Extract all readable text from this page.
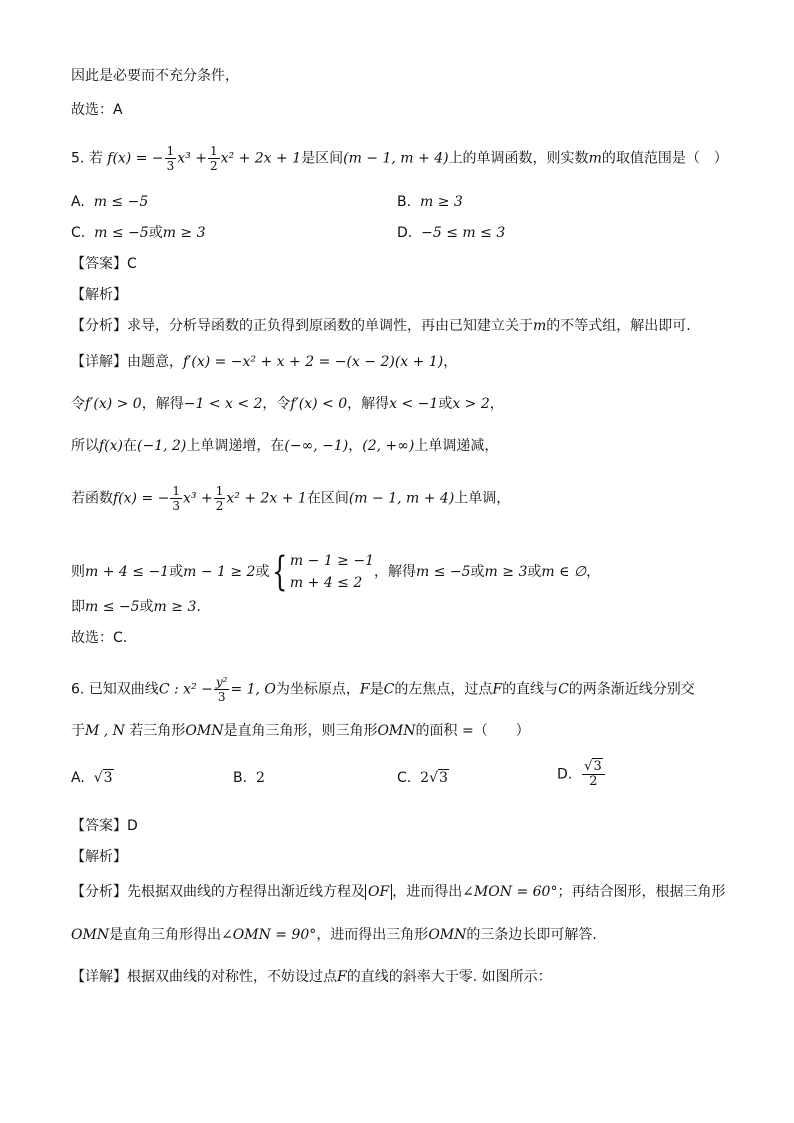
因此是必要而不充分条件，
故选：A
5. 若 f(x) = − $\frac{1}{3} x^3 + \frac{1}{2} x^2 + 2x + 1$是区间(m − 1, m + 4)上的单调函数，则实数m的取值范围是（　）
A. m ≤ −5	B. m ≥ 3
C. m ≤ −5或m ≥ 3	D. −5 ≤ m ≤ 3
【答案】C
【解析】
【分析】求导，分析导函数的正负得到原函数的单调性，再由已知建立关于m的不等式组，解出即可.
【详解】由题意，f′(x) = −x² + x + 2 = −(x − 2)(x + 1)，
令f′(x) > 0，解得−1 < x < 2，令f′(x) < 0，解得x < −1或x > 2，
所以f(x)在(−1, 2)上单调递增，在(−∞, −1)，(2, +∞)上单调递减，
若函数f(x) = − $\frac{1}{3} x^3 + \frac{1}{2} x^2 + 2x + 1$在区间(m − 1, m + 4)上单调，
则m + 4 ≤ −1或m − 1 ≥ 2或{ m − 1 ≥ −1
m + 4 ≤ 2
，解得m ≤ −5或m ≥ 3或m ∈ ∅，
即m ≤ −5或m ≥ 3.
故选：C.
6. 已知双曲线C : $x^2 - \frac{\text{y²}}{3} = 1$, O为坐标原点，F是C的左焦点，过点F的直线与C的两条渐近线分别交
于M , N 若三角形OMN是直角三角形，则三角形OMN的面积 =（　　）
A. √3	B. 2	C. 2√3	D. $\frac{√3}{2}$
【答案】D
【解析】
【分析】先根据双曲线的方程得出渐近线方程及 OF ，进而得出∠MON = 60°；再结合图形，根据三角形
OMN是直角三角形得出∠OMN = 90°，进而得出三角形OMN的三条边长即可解答.
【详解】根据双曲线的对称性，不妨设过点F的直线的斜率大于零. 如图所示：
